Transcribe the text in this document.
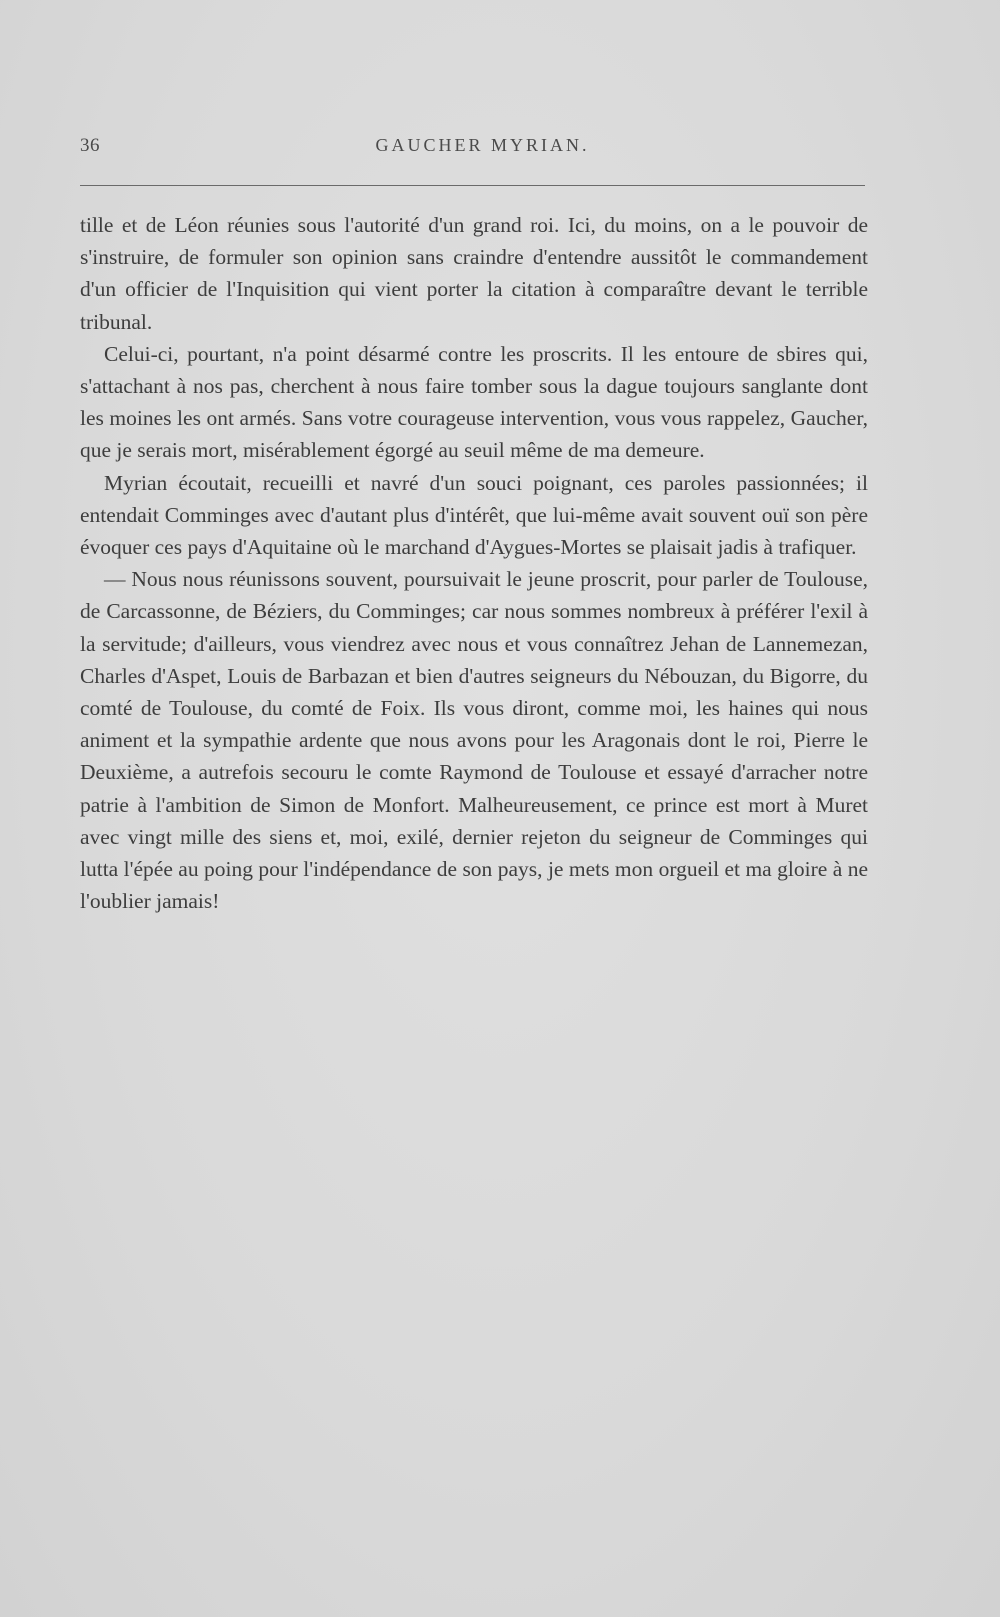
36	GAUCHER MYRIAN.

tille et de Léon réunies sous l'autorité d'un grand roi. Ici, du moins, on a le pouvoir de s'instruire, de formuler son opinion sans craindre d'entendre aussitôt le commandement d'un officier de l'Inquisition qui vient porter la citation à comparaître devant le terrible tribunal.

Celui-ci, pourtant, n'a point désarmé contre les proscrits. Il les entoure de sbires qui, s'attachant à nos pas, cherchent à nous faire tomber sous la dague toujours sanglante dont les moines les ont armés. Sans votre courageuse intervention, vous vous rappelez, Gaucher, que je serais mort, misérablement égorgé au seuil même de ma demeure.

Myrian écoutait, recueilli et navré d'un souci poignant, ces paroles passionnées; il entendait Comminges avec d'autant plus d'intérêt, que lui-même avait souvent ouï son père évoquer ces pays d'Aquitaine où le marchand d'Aygues-Mortes se plaisait jadis à trafiquer.

— Nous nous réunissons souvent, poursuivait le jeune proscrit, pour parler de Toulouse, de Carcassonne, de Béziers, du Comminges; car nous sommes nombreux à préférer l'exil à la servitude; d'ailleurs, vous viendrez avec nous et vous connaîtrez Jehan de Lannemezan, Charles d'Aspet, Louis de Barbazan et bien d'autres seigneurs du Nébouzan, du Bigorre, du comté de Toulouse, du comté de Foix. Ils vous diront, comme moi, les haines qui nous animent et la sympathie ardente que nous avons pour les Aragonais dont le roi, Pierre le Deuxième, a autrefois secouru le comte Raymond de Toulouse et essayé d'arracher notre patrie à l'ambition de Simon de Monfort. Malheureusement, ce prince est mort à Muret avec vingt mille des siens et, moi, exilé, dernier rejeton du seigneur de Comminges qui lutta l'épée au poing pour l'indépendance de son pays, je mets mon orgueil et ma gloire à ne l'oublier jamais!
